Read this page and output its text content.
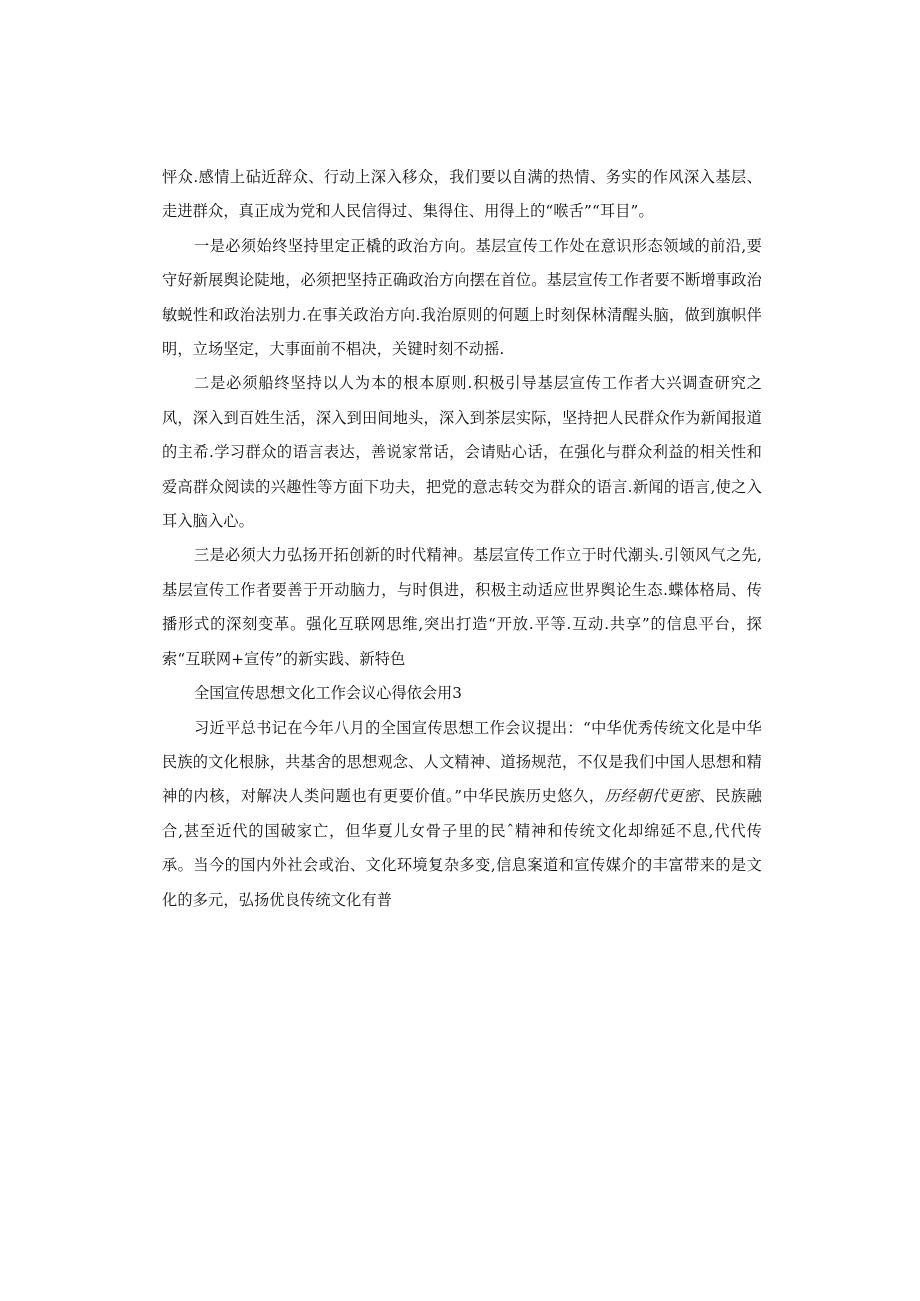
怦众.感情上砧近辞众、行动上深入移众，我们要以自满的热情、务实的作风深入基层、走进群众，真正成为党和人民信得过、集得住、用得上的“喉舌”“耳目”。

一是必须始终坚持里定正橇的政治方向。基层宣传工作处在意识形态领域的前沿,要守好新展舆论陡地，必须把坚持正确政治方向摆在首位。基层宣传工作者要不断增事政治敏蜕性和政治法别力.在事关政治方向.我治原则的何题上时刻保林清醒头脑，做到旗帜伴明，立场坚定，大事面前不椙决，关键时刻不动摇.

二是必须船终坚持以人为本的根本原则.积极引导基层宣传工作者大兴调查研究之风，深入到百姓生活，深入到田间地头，深入到茶层实际，坚持把人民群众作为新闻报道的主希.学习群众的语言表达，善说家常话，会请贴心话，在强化与群众利益的相关性和爱高群众阅读的兴趣性等方面下功夫，把党的意志转交为群众的语言.新闻的语言,使之入耳入脑入心。

三是必须大力弘扬开拓创新的时代精神。基层宣传工作立于时代潮头.引领风气之先,基层宣传工作者要善于开动脑力，与时俱进，积极主动适应世界舆论生态.蝶体格局、传播形式的深刻变革。强化互联网思维,突出打造“开放.平等.互动.共享”的信息平台，探索“互联网+宣传”的新实践、新特色

全国宣传思想文化工作会议心得依会用3

习近平总书记在今年八月的全国宣传思想工作会议提出：“中华优秀传统文化是中华民族的文化根脉，共基舍的思想观念、人文精神、道扬规范，不仅是我们中国人思想和精神的内核，对解决人类问题也有更要价值。”中华民族历史悠久，历经朝代更密、民族融合,甚至近代的国破家亡，但华夏儿女骨子里的民ˆ精神和传统文化却绵延不息,代代传承。当今的国内外社会或治、文化环境复杂多变,信息案道和宣传媒介的丰富带来的是文化的多元，弘扬优良传统文化有普
